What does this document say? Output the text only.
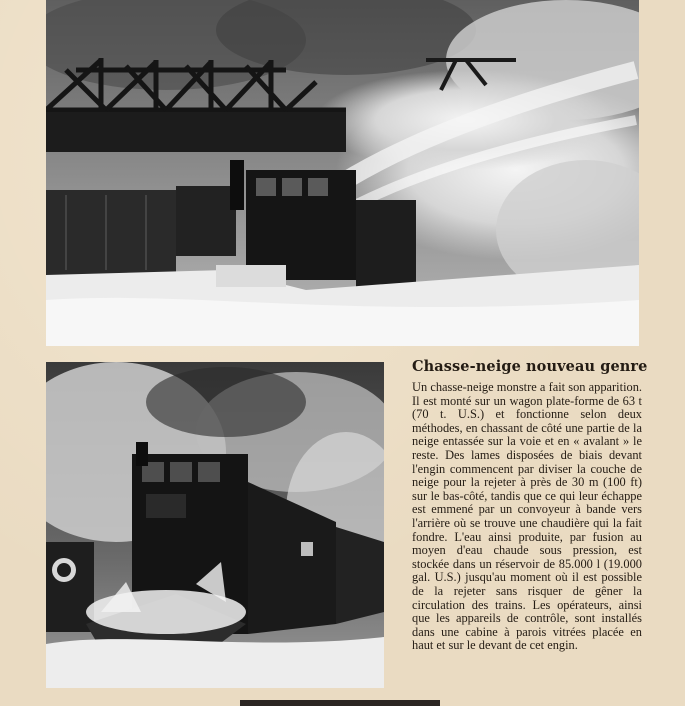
Chasse-neige nouveau genre

Un chasse-neige monstre a fait son apparition. Il est monté sur un wagon plate-forme de 63 t (70 t. U.S.) et fonctionne selon deux méthodes, en chassant de côté une partie de la neige entassée sur la voie et en « avalant » le reste. Des lames disposées de biais devant l'engin commencent par diviser la couche de neige pour la rejeter à près de 30 m (100 ft) sur le bas-côté, tandis que ce qui leur échappe est emmené par un convoyeur à bande vers l'arrière où se trouve une chaudière qui la fait fondre. L'eau ainsi produite, par fusion au moyen d'eau chaude sous pression, est stockée dans un réservoir de 85.000 l (19.000 gal. U.S.) jusqu'au moment où il est possible de la rejeter sans risquer de gêner la circulation des trains. Les opérateurs, ainsi que les appareils de contrôle, sont installés dans une cabine à parois vitrées placée en haut et sur le devant de cet engin.
